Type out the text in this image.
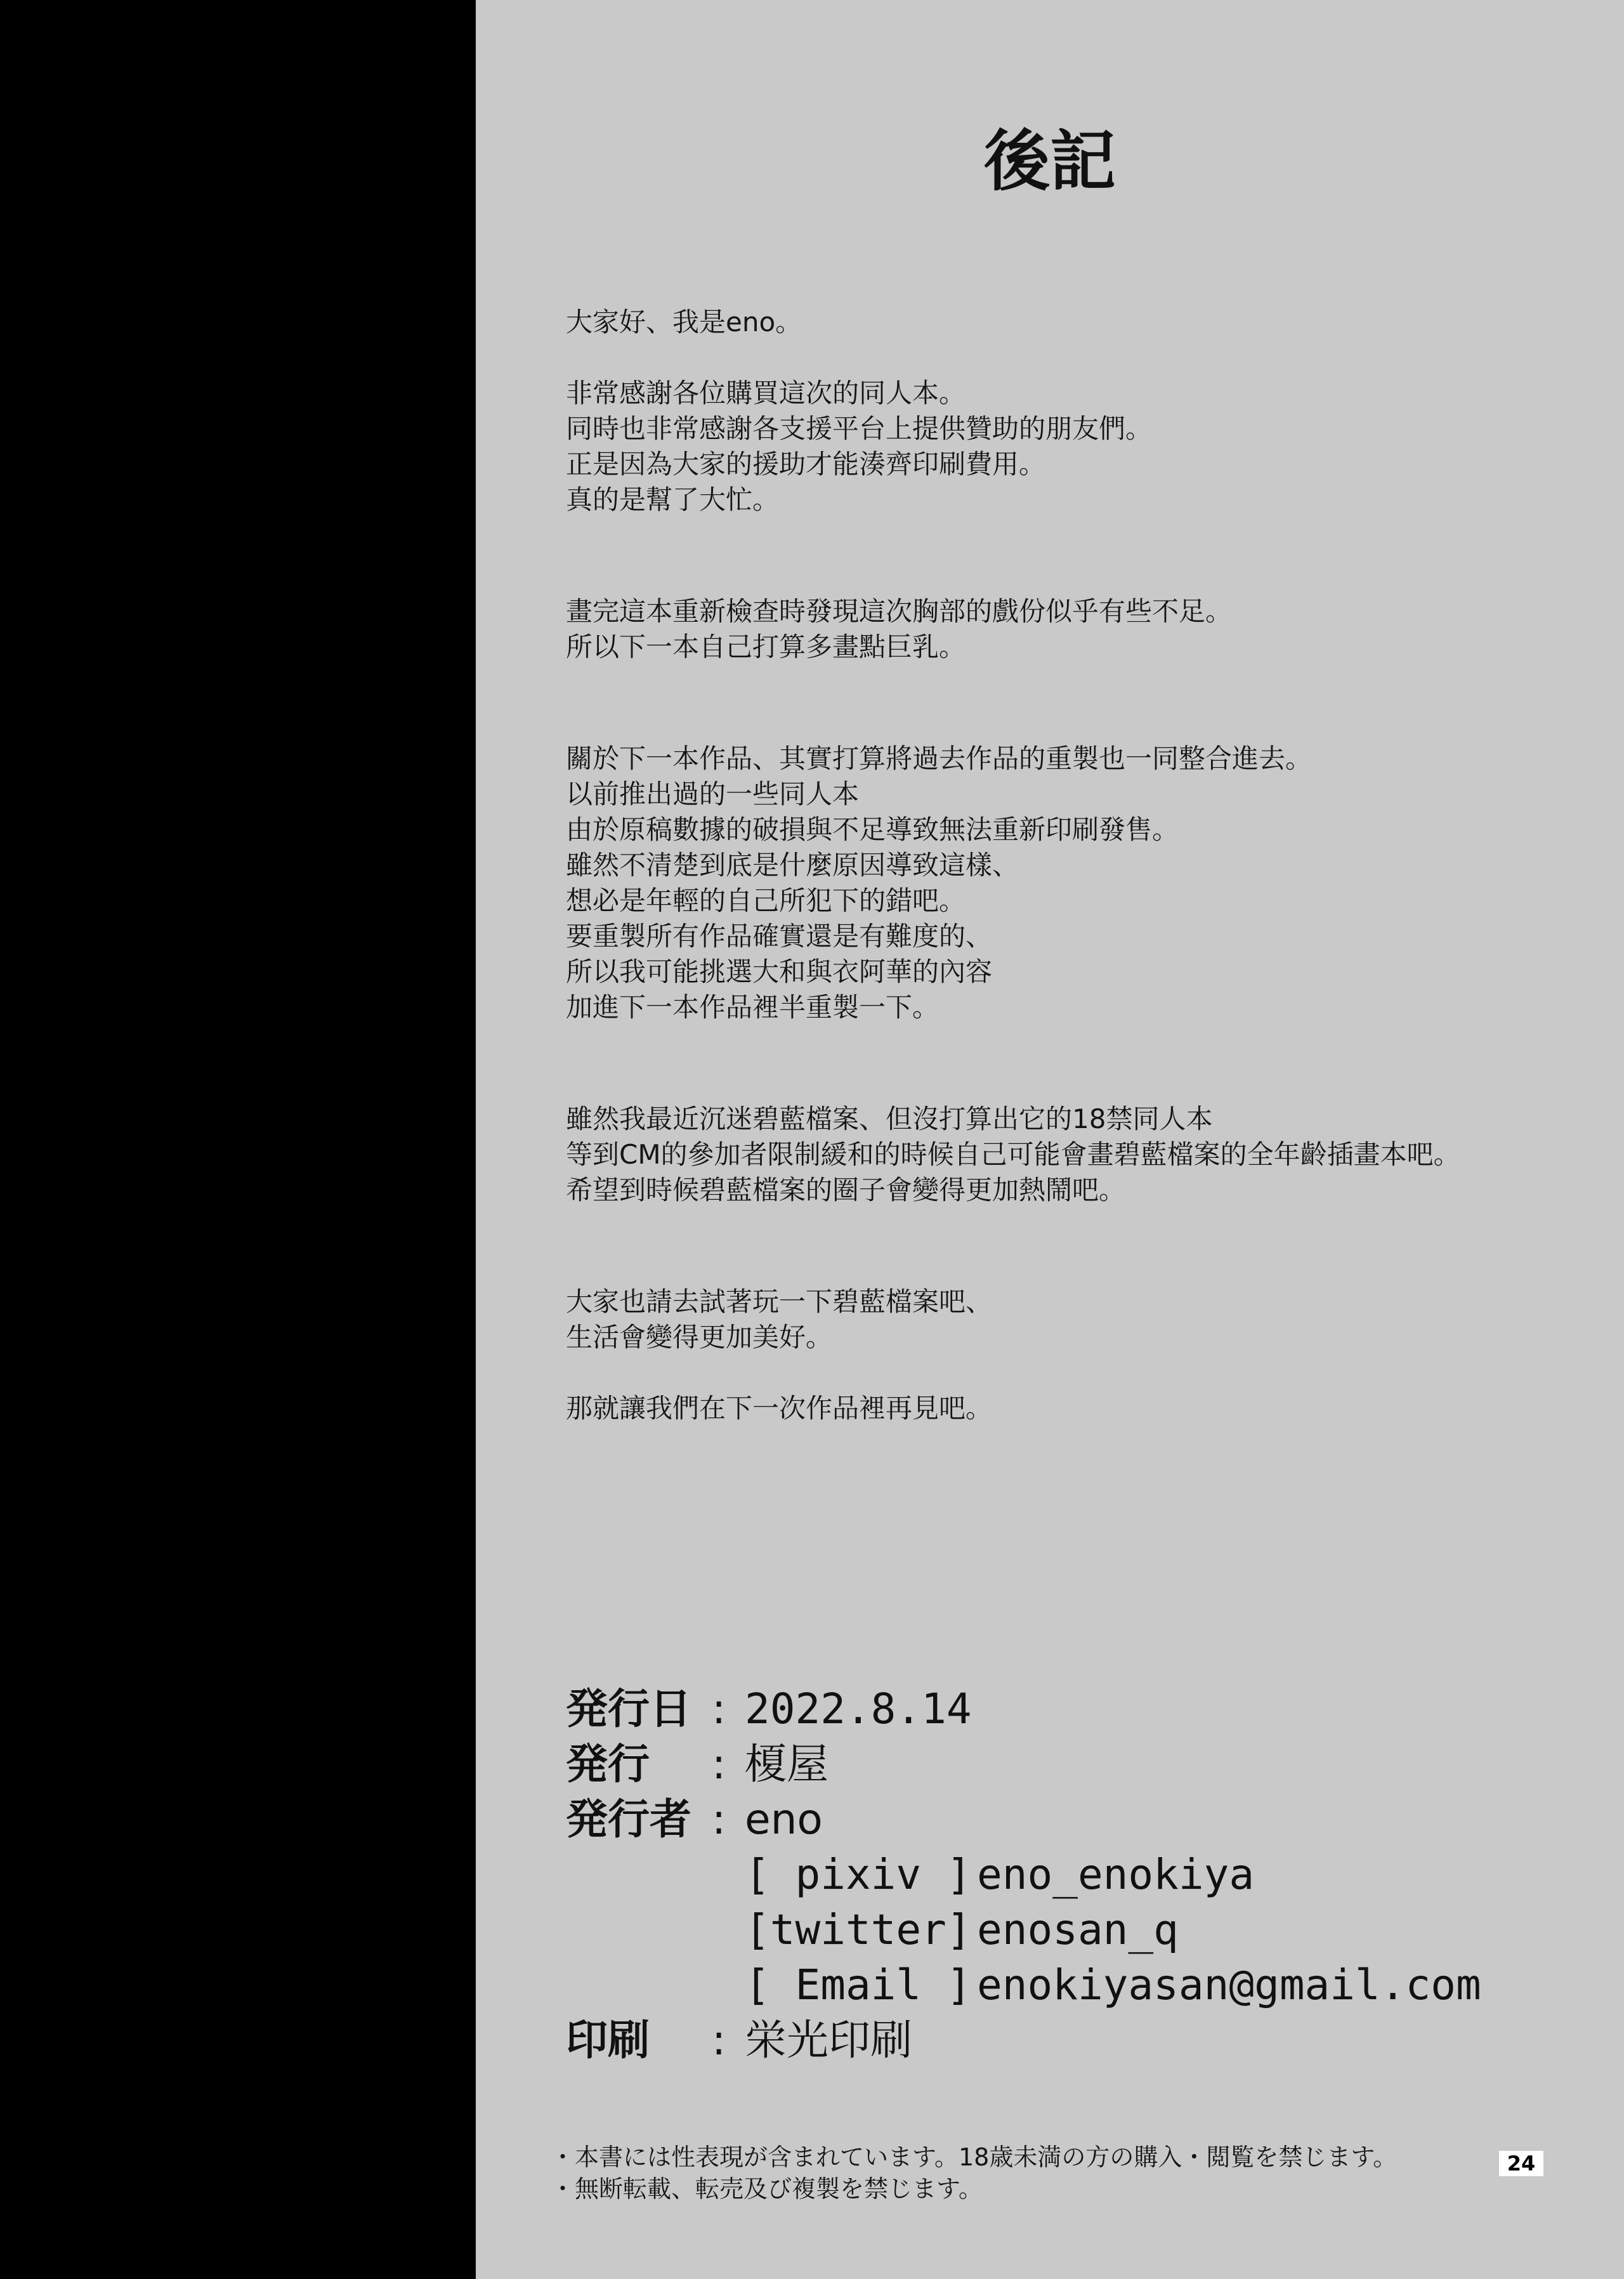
後記

大家好、我是eno。

非常感謝各位購買這次的同人本。
同時也非常感謝各支援平台上提供贊助的朋友們。
正是因為大家的援助才能湊齊印刷費用。
真的是幫了大忙。

畫完這本重新檢查時發現這次胸部的戲份似乎有些不足。
所以下一本自己打算多畫點巨乳。

關於下一本作品、其實打算將過去作品的重製也一同整合進去。
以前推出過的一些同人本
由於原稿數據的破損與不足導致無法重新印刷發售。
雖然不清楚到底是什麼原因導致這樣、
想必是年輕的自己所犯下的錯吧。
要重製所有作品確實還是有難度的、
所以我可能挑選大和與衣阿華的內容
加進下一本作品裡半重製一下。

雖然我最近沉迷碧藍檔案、但沒打算出它的18禁同人本
等到CM的參加者限制緩和的時候自己可能會畫碧藍檔案的全年齡插畫本吧。
希望到時候碧藍檔案的圈子會變得更加熱鬧吧。

大家也請去試著玩一下碧藍檔案吧、
生活會變得更加美好。

那就讓我們在下一次作品裡再見吧。

発行日 : 2022.8.14
発行	: 榎屋
発行者 : eno
[ pixiv ] eno_enokiya
[twitter] enosan_q
[ Email ] enokiyasan@gmail.com
印刷	: 栄光印刷
・本書には性表現が含まれています。18歳未満の方の購入・閲覧を禁じます。
・無断転載、転売及び複製を禁じます。
24
